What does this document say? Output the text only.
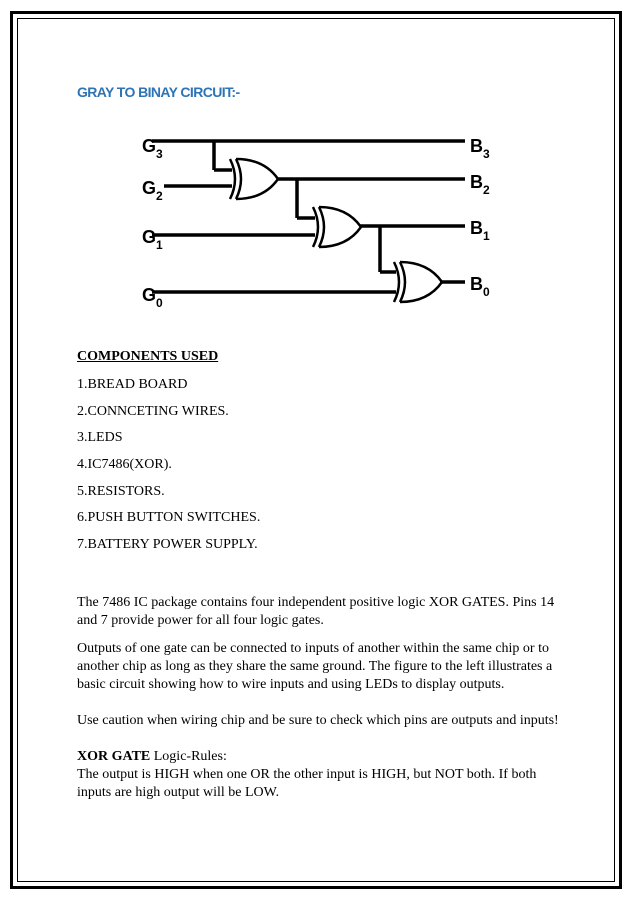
GRAY TO BINAY CIRCUIT:-
$G_3$
$G_2$
$G_1$
$G_0$
$B_3$
$B_2$
$B_1$
$B_0$
COMPONENTS USED
1.BREAD BOARD
2.CONNCETING WIRES.
3.LEDS
4.IC7486(XOR).
5.RESISTORS.
6.PUSH BUTTON SWITCHES.
7.BATTERY POWER SUPPLY.

The 7486 IC package contains four independent positive logic XOR GATES. Pins 14 and 7 provide power for all four logic gates.

Outputs of one gate can be connected to inputs of another within the same chip or to another chip as long as they share the same ground. The figure to the left illustrates a basic circuit showing how to wire inputs and using LEDs to display outputs.

Use caution when wiring chip and be sure to check which pins are outputs and inputs!

XOR GATE Logic-Rules:

The output is HIGH when one OR the other input is HIGH, but NOT both. If both inputs are high output will be LOW.
